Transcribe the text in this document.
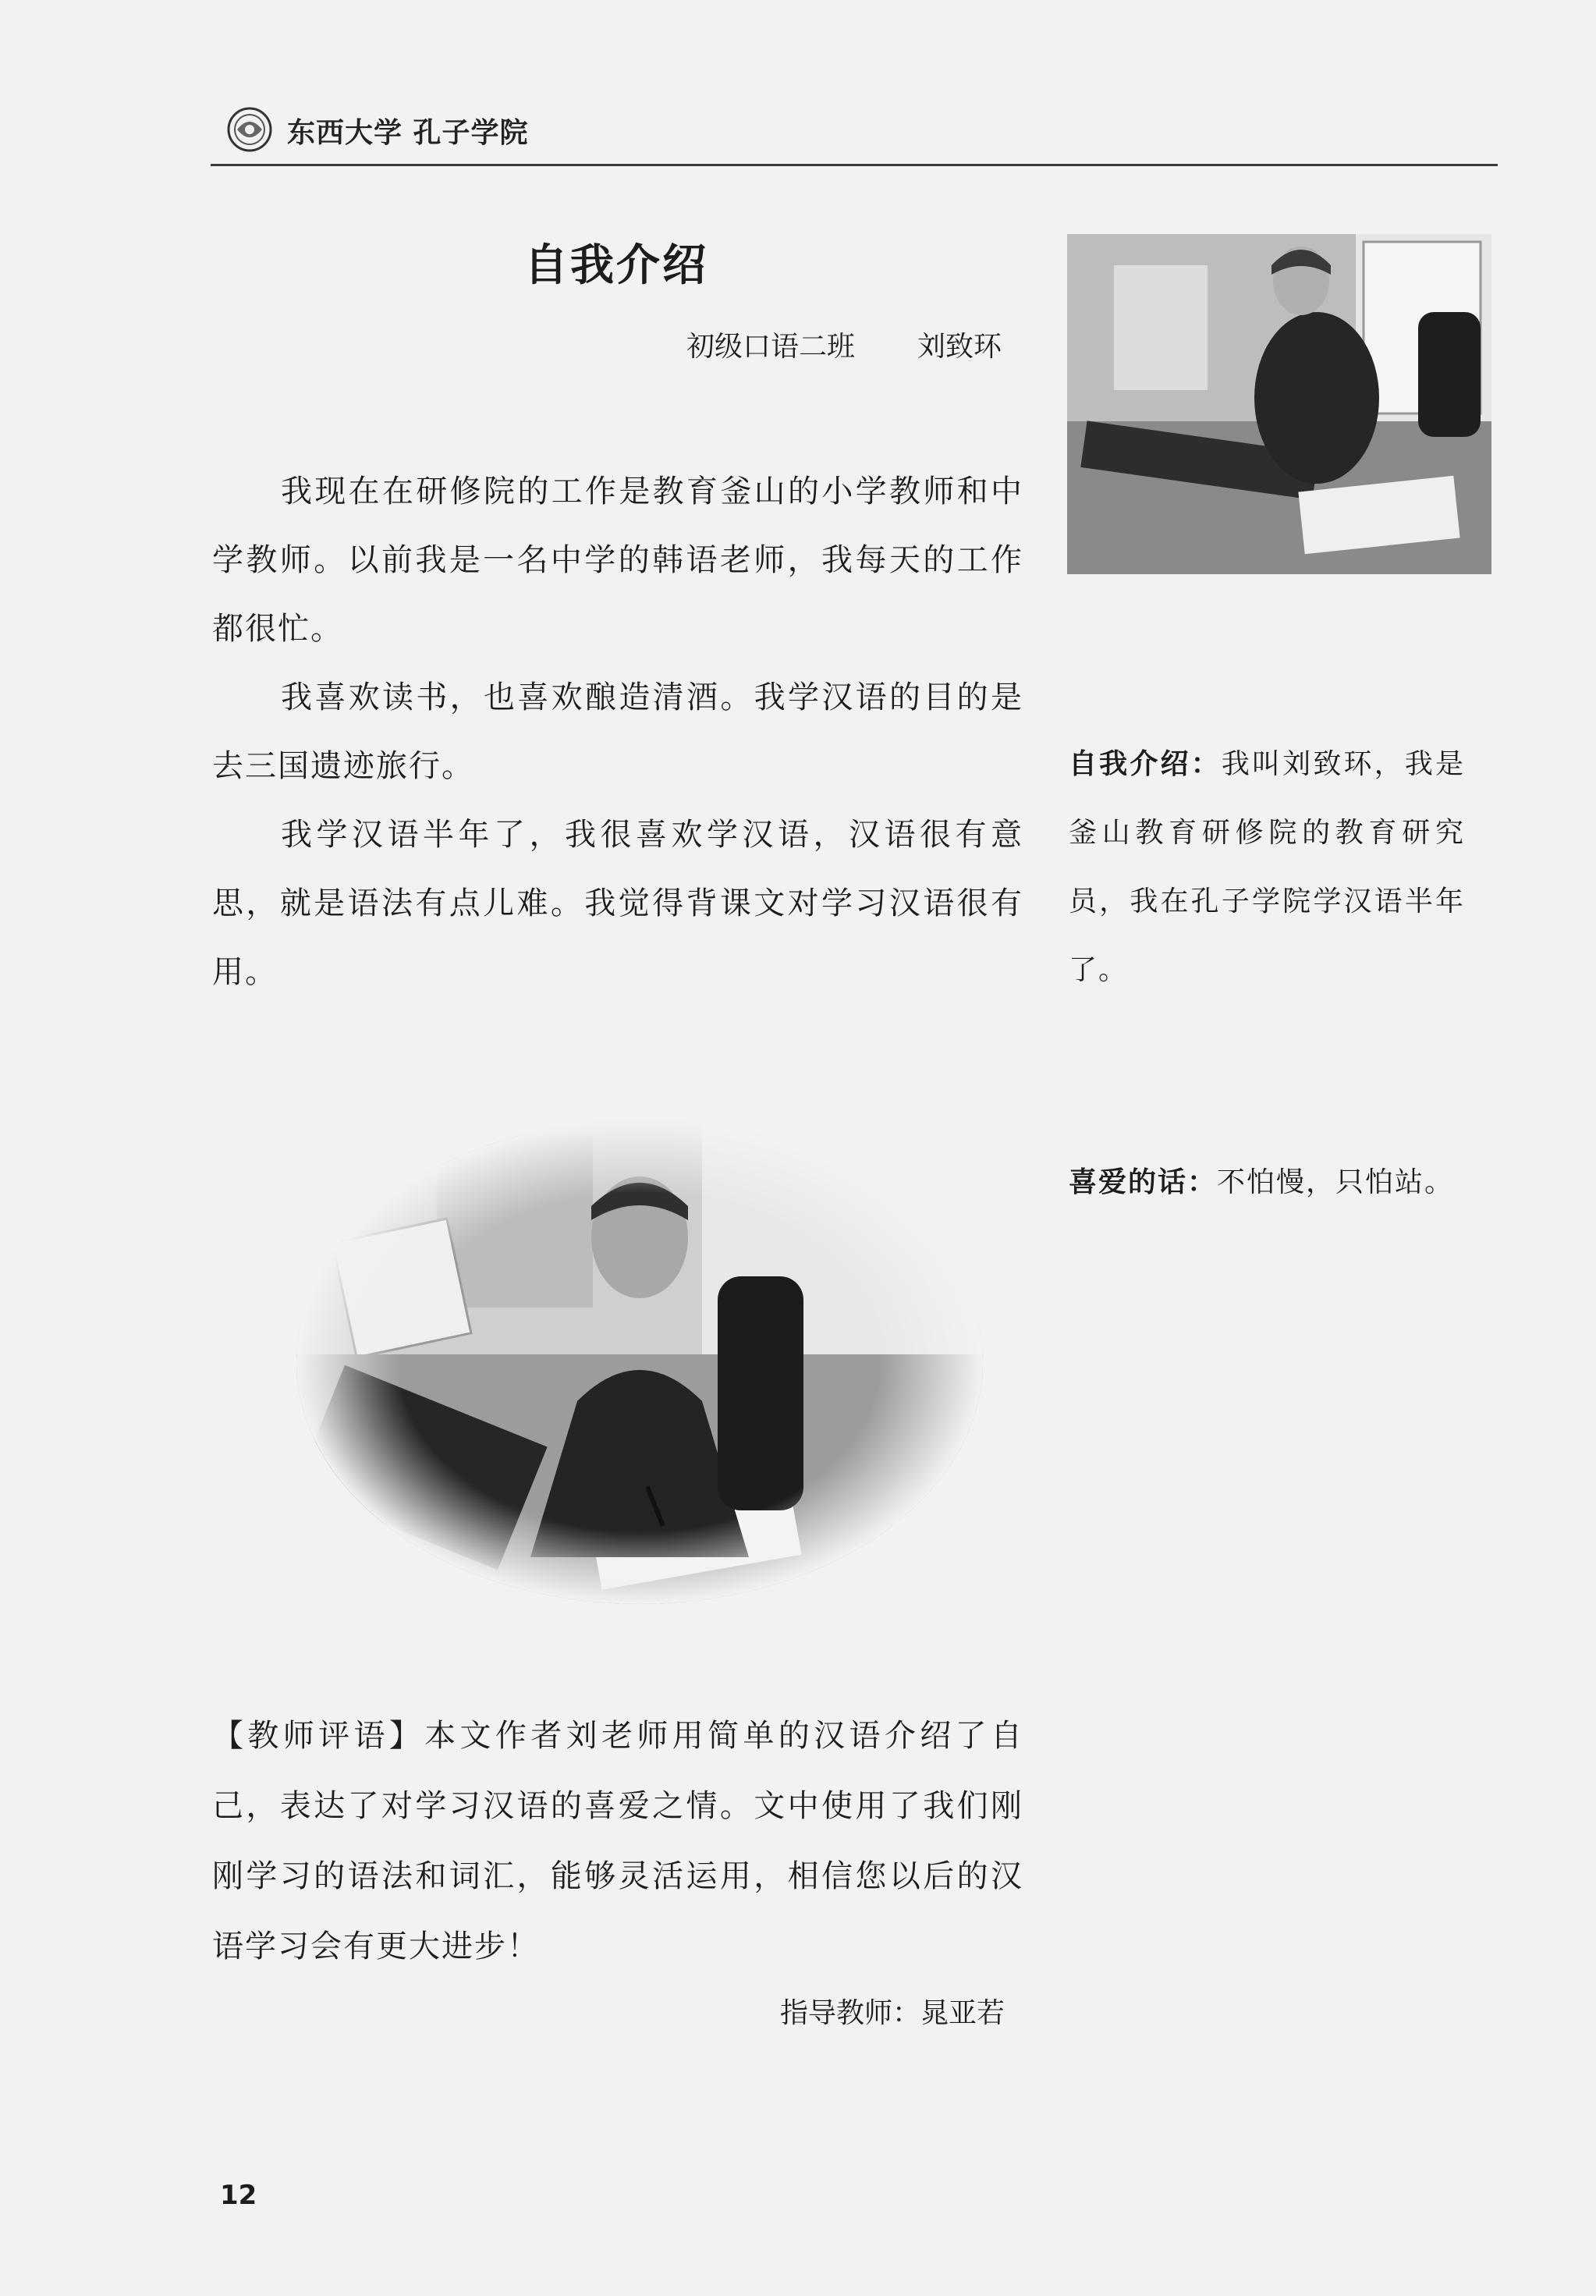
东西大学 孔子学院
自我介绍
初级口语二班 刘致环

我现在在研修院的工作是教育釜山的小学教师和中学教师。以前我是一名中学的韩语老师，我每天的工作都很忙。

我喜欢读书，也喜欢酿造清酒。我学汉语的目的是去三国遗迹旅行。

我学汉语半年了，我很喜欢学汉语，汉语很有意思，就是语法有点儿难。我觉得背课文对学习汉语很有用。

自我介绍：我叫刘致环，我是釜山教育研修院的教育研究员，我在孔子学院学汉语半年了。
喜爱的话：不怕慢，只怕站。

【教师评语】本文作者刘老师用简单的汉语介绍了自己，表达了对学习汉语的喜爱之情。文中使用了我们刚刚学习的语法和词汇，能够灵活运用，相信您以后的汉语学习会有更大进步！

指导教师：晁亚若
12
